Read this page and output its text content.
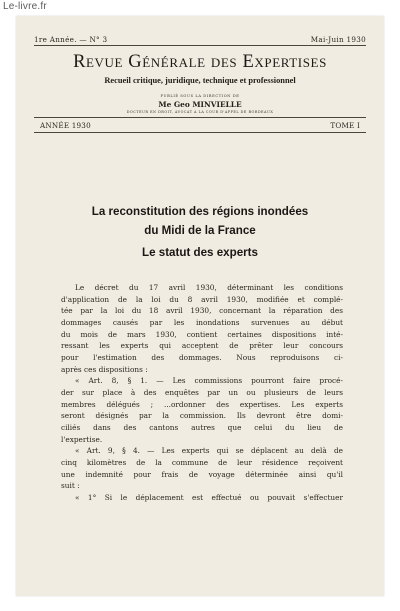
Le-livre.fr
1re Année. — N° 3	Mai-Juin 1930
Revue Générale des Expertises
Recueil critique, juridique, technique et professionnel
PUBLIÉ SOUS LA DIRECTION DE
Me Geo MINVIELLE
DOCTEUR EN DROIT, AVOCAT A LA COUR D'APPEL DE BORDEAUX
ANNÉE 1930	TOME I
La reconstitution des régions inondées
du Midi de la France
Le statut des experts
Le décret du 17 avril 1930, déterminant les conditions
d'application de la loi du 8 avril 1930, modifiée et complé-
tée par la loi du 18 avril 1930, concernant la réparation des
dommages causés par les inondations survenues au début
du mois de mars 1930, contient certaines dispositions inté-
ressant les experts qui acceptent de prêter leur concours
pour l'estimation des dommages. Nous reproduisons ci-
après ces dispositions :
« Art. 8, § 1. — Les commissions pourront faire procé-
der sur place à des enquêtes par un ou plusieurs de leurs
membres délégués ; ...ordonner des expertises. Les experts
seront désignés par la commission. Ils devront être domi-
ciliés dans des cantons autres que celui du lieu de
l'expertise.
« Art. 9, § 4. — Les experts qui se déplacent au delà de
cinq kilomètres de la commune de leur résidence reçoivent
une indemnité pour frais de voyage déterminée ainsi qu'il
suit :
« 1° Si le déplacement est effectué ou pouvait s'effectuer
